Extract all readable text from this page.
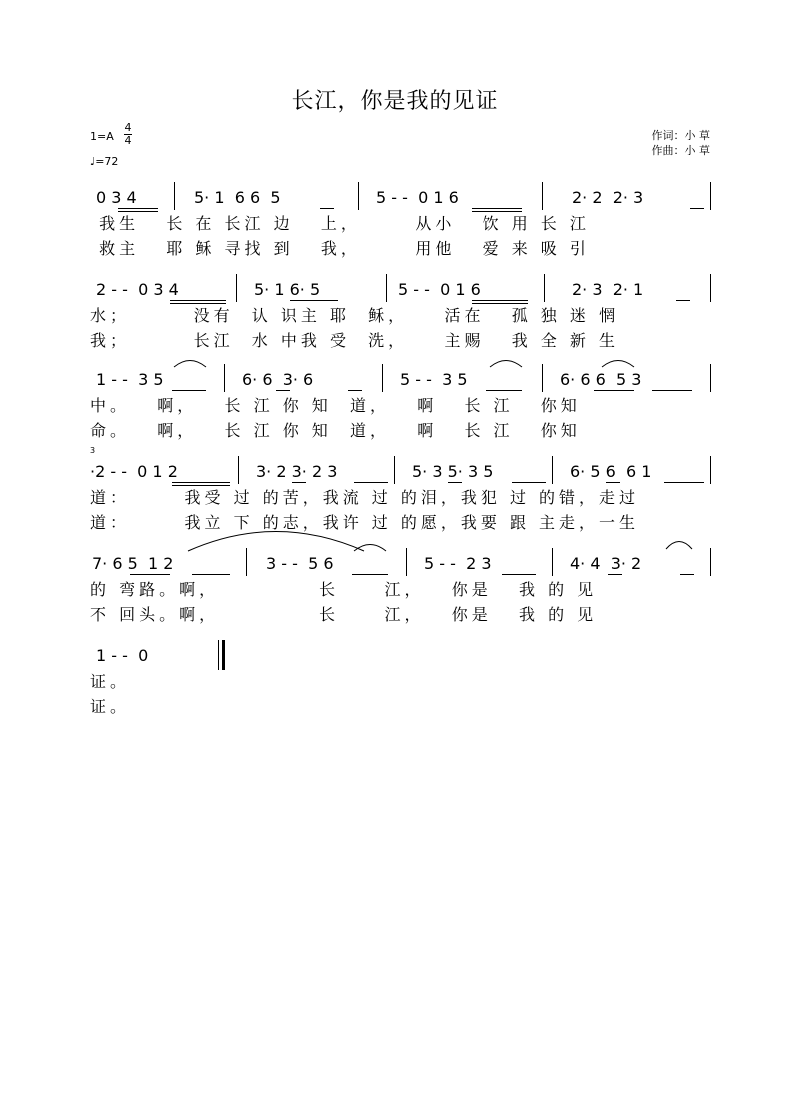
长江，你是我的见证
1=A
4
4
♩=72
作词：小 草
作曲：小 草
0 3 4	5· 1  6 6  5	5 - -  0 1 6	2· 2  2· 3
我生   长 在 长江 边   上，      从小   饮 用 长 江
救主   耶 稣 寻找 到   我，      用他   爱 来 吸 引
2 - -  0 3 4	5· 1 6· 5	5 - -  0 1 6	2· 3  2· 1
水；       没有  认 识主 耶  稣，    活在   孤 独 迷 惘
我；       长江  水 中我 受  洗，    主赐   我 全 新 生
1 - -  3 5	6· 6  3· 6	5 - -  3 5	6· 6 6  5 3
中。   啊，   长 江 你 知  道，   啊   长 江   你知
命。   啊，   长 江 你 知  道，   啊   长 江   你知
3
·2 - -  0 1 2	3· 2 3· 2 3	5· 3 5· 3 5	6· 5 6  6 1
道：      我受 过 的苦，我流 过 的泪，我犯 过 的错，走过
道：      我立 下 的志，我许 过 的愿，我要 跟 主走，一生
7· 6 5  1 2	3 - -  5 6	5 - -  2 3	4· 4  3· 2
的 弯路。啊，           长     江，   你是   我 的 见
不 回头。啊，           长     江，   你是   我 的 见
1 - -  0
证。
证。
